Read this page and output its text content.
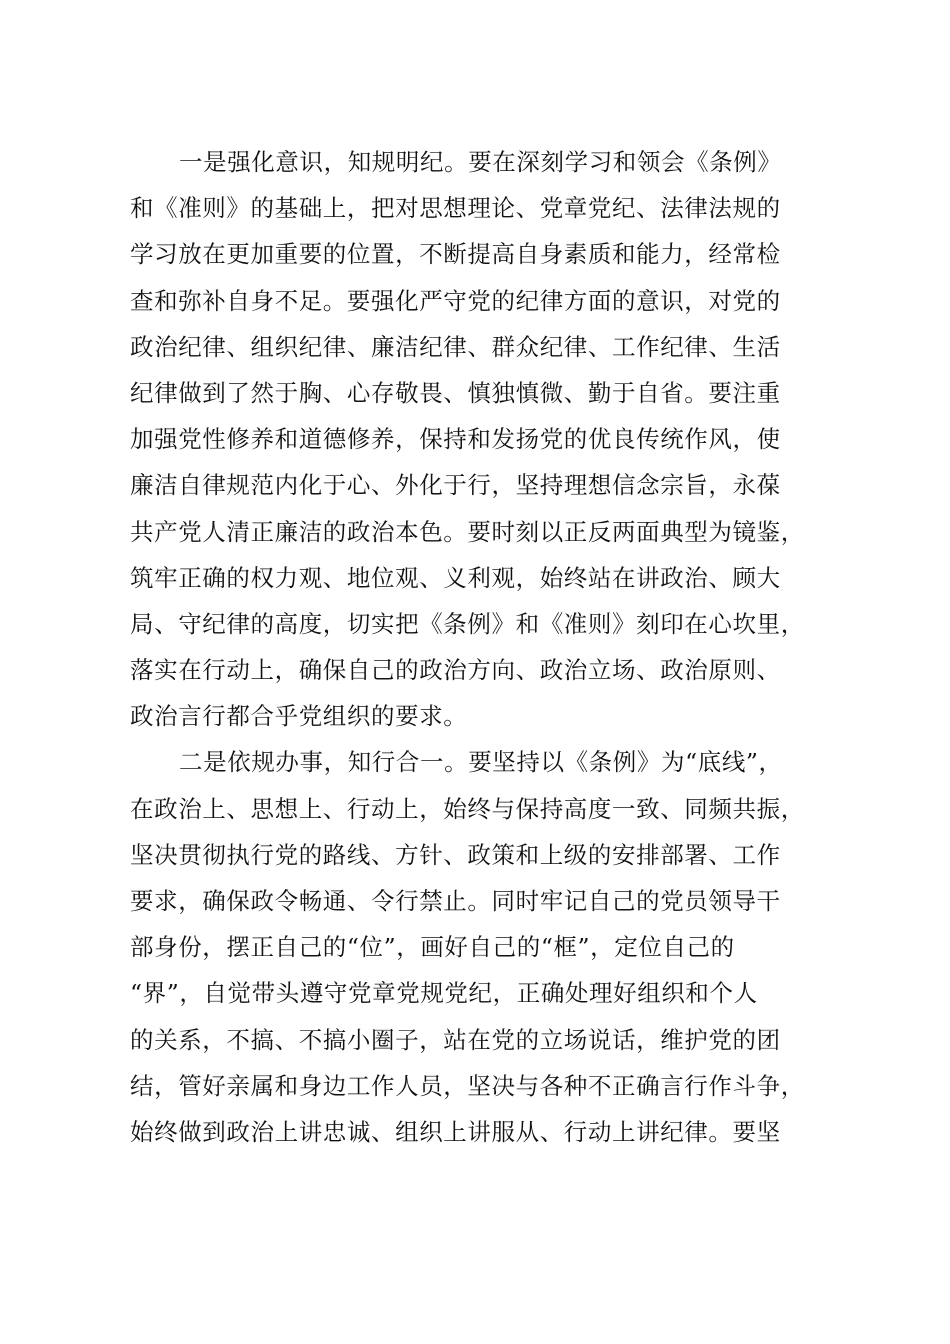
一是强化意识，知规明纪。要在深刻学习和领会《条例》
和《准则》的基础上，把对思想理论、党章党纪、法律法规的
学习放在更加重要的位置，不断提高自身素质和能力，经常检
查和弥补自身不足。要强化严守党的纪律方面的意识，对党的
政治纪律、组织纪律、廉洁纪律、群众纪律、工作纪律、生活
纪律做到了然于胸、心存敬畏、慎独慎微、勤于自省。要注重
加强党性修养和道德修养，保持和发扬党的优良传统作风，使
廉洁自律规范内化于心、外化于行，坚持理想信念宗旨，永葆
共产党人清正廉洁的政治本色。要时刻以正反两面典型为镜鉴，
筑牢正确的权力观、地位观、义利观，始终站在讲政治、顾大
局、守纪律的高度，切实把《条例》和《准则》刻印在心坎里，
落实在行动上，确保自己的政治方向、政治立场、政治原则、
政治言行都合乎党组织的要求。
二是依规办事，知行合一。要坚持以《条例》为“底线”，
在政治上、思想上、行动上，始终与保持高度一致、同频共振，
坚决贯彻执行党的路线、方针、政策和上级的安排部署、工作
要求，确保政令畅通、令行禁止。同时牢记自己的党员领导干
部身份，摆正自己的“位”，画好自己的“框”，定位自己的
“界”，自觉带头遵守党章党规党纪，正确处理好组织和个人
的关系，不搞、不搞小圈子，站在党的立场说话，维护党的团
结，管好亲属和身边工作人员，坚决与各种不正确言行作斗争，
始终做到政治上讲忠诚、组织上讲服从、行动上讲纪律。要坚
